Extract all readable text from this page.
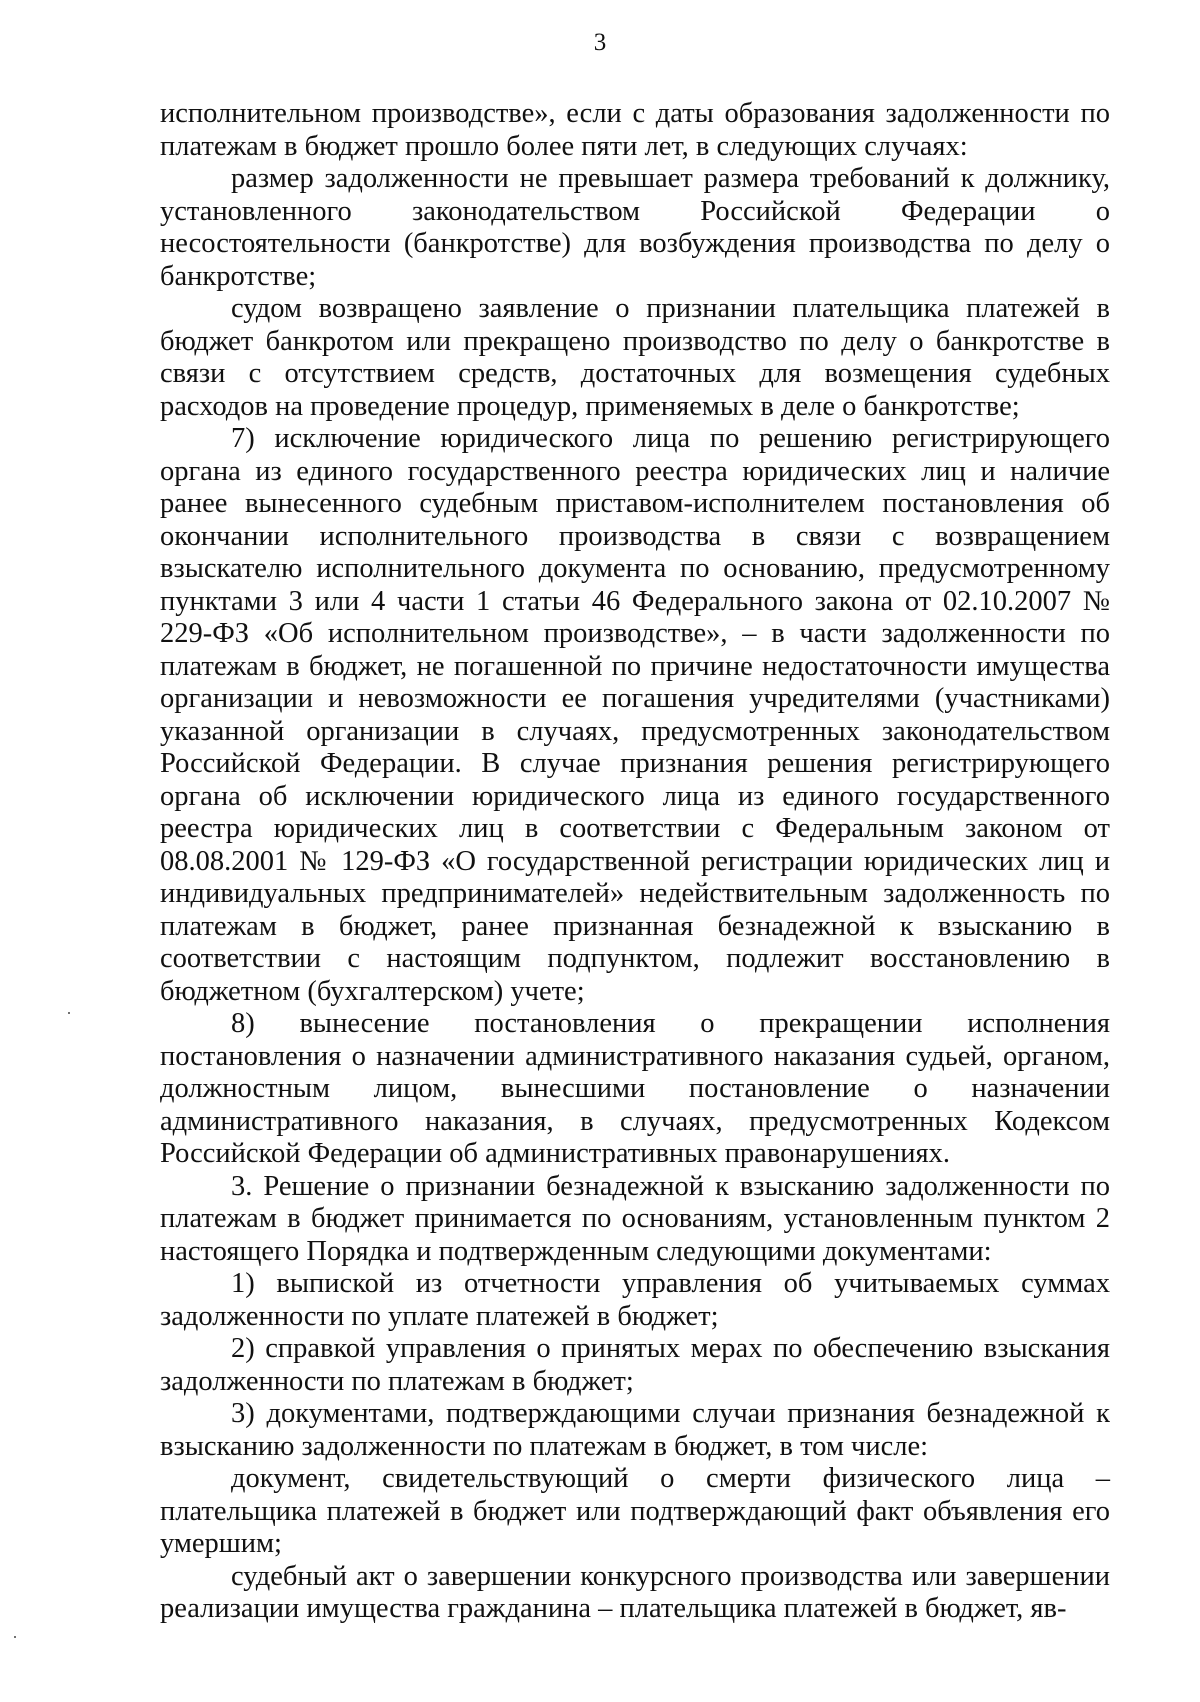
3

исполнительном производстве», если с даты образования задолженности по платежам в бюджет прошло более пяти лет, в следующих случаях:

размер задолженности не превышает размера требований к должнику, установленного законодательством Российской Федерации о несостоятельности (банкротстве) для возбуждения производства по делу о банкротстве;

судом возвращено заявление о признании плательщика платежей в бюджет банкротом или прекращено производство по делу о банкротстве в связи с отсутствием средств, достаточных для возмещения судебных расходов на проведение процедур, применяемых в деле о банкротстве;

7) исключение юридического лица по решению регистрирующего органа из единого государственного реестра юридических лиц и наличие ранее вынесенного судебным приставом-исполнителем постановления об окончании исполнительного производства в связи с возвращением взыскателю исполнительного документа по основанию, предусмотренному пунктами 3 или 4 части 1 статьи 46 Федерального закона от 02.10.2007 № 229-ФЗ «Об исполнительном производстве», – в части задолженности по платежам в бюджет, не погашенной по причине недостаточности имущества организации и невозможности ее погашения учредителями (участниками) указанной организации в случаях, предусмотренных законодательством Российской Федерации. В случае признания решения регистрирующего органа об исключении юридического лица из единого государственного реестра юридических лиц в соответствии с Федеральным законом от 08.08.2001 № 129-ФЗ «О государственной регистрации юридических лиц и индивидуальных предпринимателей» недействительным задолженность по платежам в бюджет, ранее признанная безнадежной к взысканию в соответствии с настоящим подпунктом, подлежит восстановлению в бюджетном (бухгалтерском) учете;

8) вынесение постановления о прекращении исполнения постановления о назначении административного наказания судьей, органом, должностным лицом, вынесшими постановление о назначении административного наказания, в случаях, предусмотренных Кодексом Российской Федерации об административных правонарушениях.

3. Решение о признании безнадежной к взысканию задолженности по платежам в бюджет принимается по основаниям, установленным пунктом 2 настоящего Порядка и подтвержденным следующими документами:

1) выпиской из отчетности управления об учитываемых суммах задолженности по уплате платежей в бюджет;

2) справкой управления о принятых мерах по обеспечению взыскания задолженности по платежам в бюджет;

3) документами, подтверждающими случаи признания безнадежной к взысканию задолженности по платежам в бюджет, в том числе:

документ, свидетельствующий о смерти физического лица – плательщика платежей в бюджет или подтверждающий факт объявления его умершим;

судебный акт о завершении конкурсного производства или завершении реализации имущества гражданина – плательщика платежей в бюджет, яв-
